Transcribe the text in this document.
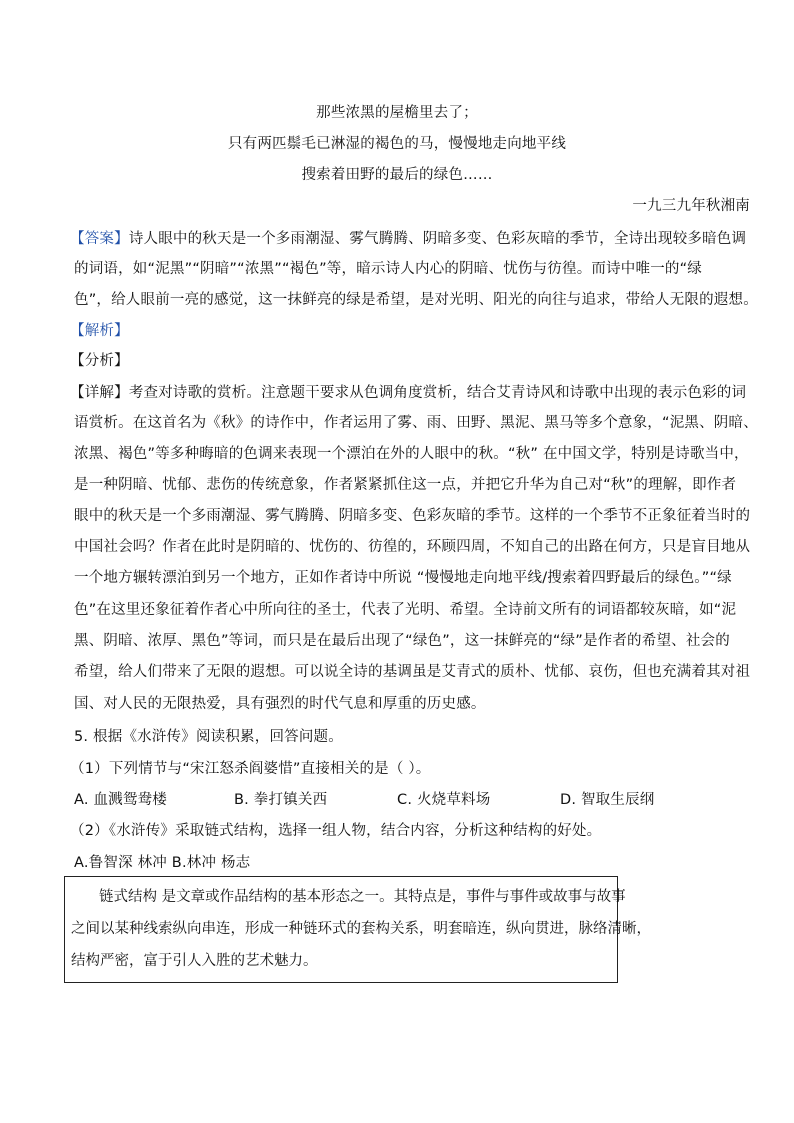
那些浓黑的屋檐里去了；
只有两匹鬃毛已淋湿的褐色的马，慢慢地走向地平线
搜索着田野的最后的绿色……
一九三九年秋湘南
【答案】诗人眼中的秋天是一个多雨潮湿、雾气腾腾、阴暗多变、色彩灰暗的季节，全诗出现较多暗色调
的词语，如“泥黑”“阴暗”“浓黑”“褐色”等，暗示诗人内心的阴暗、忧伤与彷徨。而诗中唯一的“绿
色”，给人眼前一亮的感觉，这一抹鲜亮的绿是希望，是对光明、阳光的向往与追求，带给人无限的遐想。
【解析】
【分析】
【详解】考查对诗歌的赏析。注意题干要求从色调角度赏析，结合艾青诗风和诗歌中出现的表示色彩的词
语赏析。在这首名为《秋》的诗作中，作者运用了雾、雨、田野、黑泥、黑马等多个意象，“泥黑、阴暗、
浓黑、褐色”等多种晦暗的色调来表现一个漂泊在外的人眼中的秋。“秋” 在中国文学，特别是诗歌当中，
是一种阴暗、忧郁、悲伤的传统意象，作者紧紧抓住这一点，并把它升华为自己对“秋”的理解，即作者
眼中的秋天是一个多雨潮湿、雾气腾腾、阴暗多变、色彩灰暗的季节。这样的一个季节不正象征着当时的
中国社会吗？作者在此时是阴暗的、忧伤的、彷徨的，环顾四周，不知自己的出路在何方，只是盲目地从
一个地方辗转漂泊到另一个地方，正如作者诗中所说 “慢慢地走向地平线/搜索着四野最后的绿色。”“绿
色”在这里还象征着作者心中所向往的圣士，代表了光明、希望。全诗前文所有的词语都较灰暗，如“泥
黑、阴暗、浓厚、黑色”等词，而只是在最后出现了“绿色”，这一抹鲜亮的“绿”是作者的希望、社会的
希望，给人们带来了无限的遐想。可以说全诗的基调虽是艾青式的质朴、忧郁、哀伤，但也充满着其对祖
国、对人民的无限热爱，具有强烈的时代气息和厚重的历史感。
5. 根据《水浒传》阅读积累，回答问题。
（1）下列情节与“宋江怒杀阎婆惜”直接相关的是（ ）。
A. 血溅鸳鸯楼	B. 拳打镇关西	C. 火烧草料场	D. 智取生辰纲
（2）《水浒传》采取链式结构，选择一组人物，结合内容，分析这种结构的好处。
A.鲁智深 林冲 B.林冲 杨志
链式结构 是文章或作品结构的基本形态之一。其特点是，事件与事件或故事与故事
之间以某种线索纵向串连，形成一种链环式的套构关系，明套暗连，纵向贯进，脉络清晰，
结构严密，富于引人入胜的艺术魅力。
